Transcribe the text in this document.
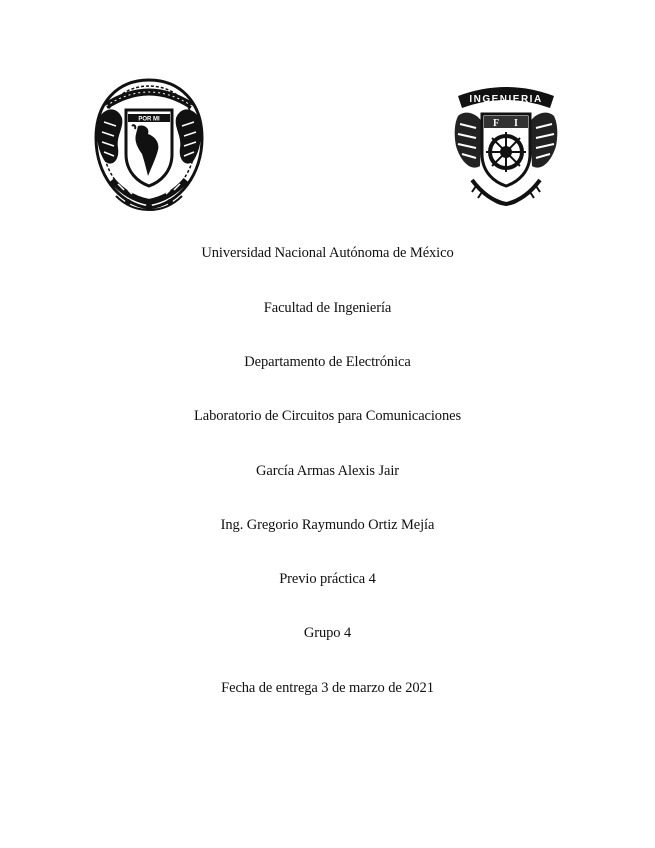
POR MI
INGENIERIA
F I
Universidad Nacional Autónoma de México
Facultad de Ingeniería
Departamento de Electrónica
Laboratorio de Circuitos para Comunicaciones
García Armas Alexis Jair
Ing. Gregorio Raymundo Ortiz Mejía
Previo práctica 4
Grupo 4
Fecha de entrega 3 de marzo de 2021
